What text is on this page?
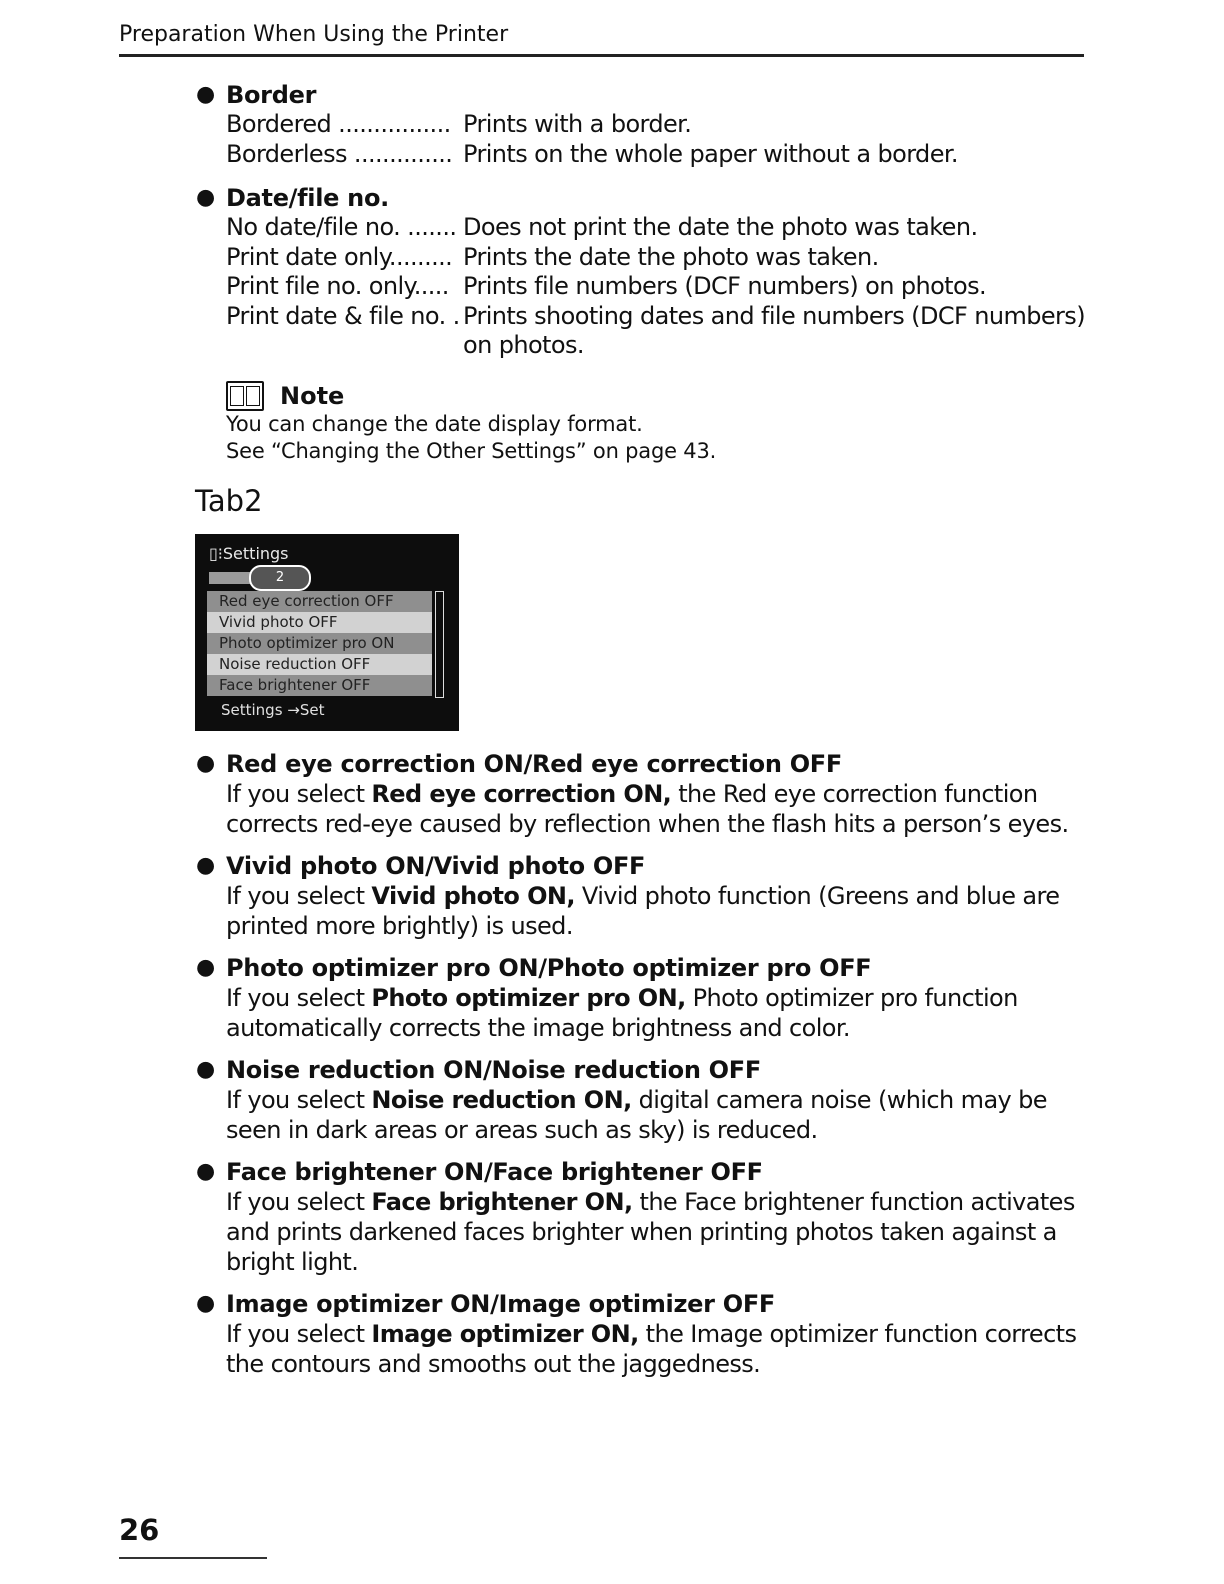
Preparation When Using the Printer
● Border
Bordered ................ Prints with a border.
Borderless .............. Prints on the whole paper without a border.
● Date/file no.
No date/file no. ....... Does not print the date the photo was taken.
Print date only......... Prints the date the photo was taken.
Print file no. only..... Prints file numbers (DCF numbers) on photos.
Print date & file no. . Prints shooting dates and file numbers (DCF numbers)
on photos.
Note
You can change the date display format.
See “Changing the Other Settings” on page 43.
Tab2
▯⁝Settings
2
Red eye correction OFF
Vivid photo OFF
Photo optimizer pro ON
Noise reduction OFF
Face brightener OFF
Settings →Set
● Red eye correction ON/Red eye correction OFF
If you select Red eye correction ON, the Red eye correction function corrects red-eye caused by reflection when the flash hits a person’s eyes.
● Vivid photo ON/Vivid photo OFF
If you select Vivid photo ON, Vivid photo function (Greens and blue are printed more brightly) is used.
● Photo optimizer pro ON/Photo optimizer pro OFF
If you select Photo optimizer pro ON, Photo optimizer pro function automatically corrects the image brightness and color.
● Noise reduction ON/Noise reduction OFF
If you select Noise reduction ON, digital camera noise (which may be seen in dark areas or areas such as sky) is reduced.
● Face brightener ON/Face brightener OFF
If you select Face brightener ON, the Face brightener function activates and prints darkened faces brighter when printing photos taken against a bright light.
● Image optimizer ON/Image optimizer OFF
If you select Image optimizer ON, the Image optimizer function corrects the contours and smooths out the jaggedness.
26
